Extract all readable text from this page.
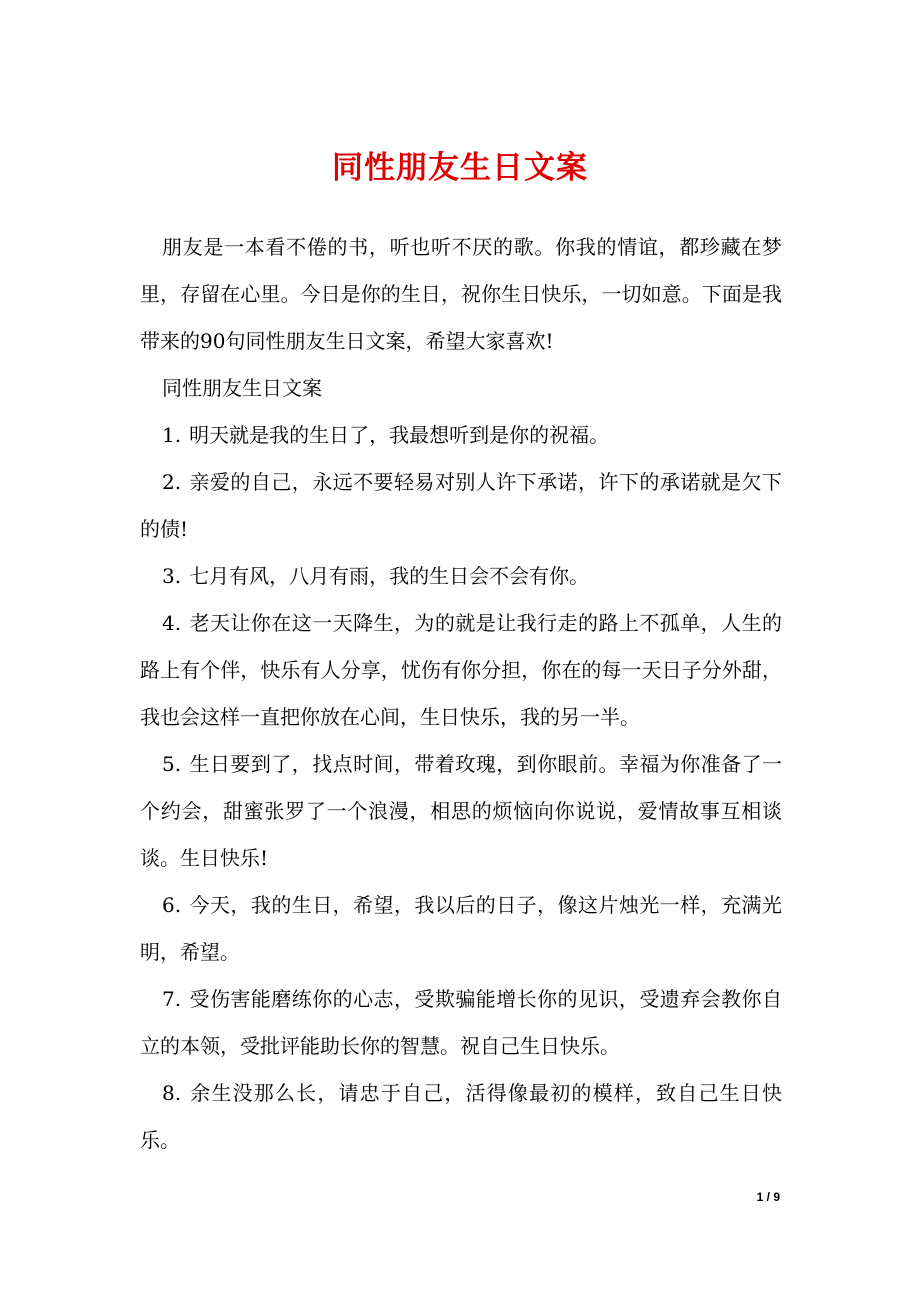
同性朋友生日文案

朋友是一本看不倦的书，听也听不厌的歌。你我的情谊，都珍藏在梦里，存留在心里。今日是你的生日，祝你生日快乐，一切如意。下面是我带来的90句同性朋友生日文案，希望大家喜欢!

同性朋友生日文案

1. 明天就是我的生日了，我最想听到是你的祝福。

2. 亲爱的自己，永远不要轻易对别人许下承诺，许下的承诺就是欠下的债!

3. 七月有风，八月有雨，我的生日会不会有你。

4. 老天让你在这一天降生，为的就是让我行走的路上不孤单，人生的路上有个伴，快乐有人分享，忧伤有你分担，你在的每一天日子分外甜，我也会这样一直把你放在心间，生日快乐，我的另一半。

5. 生日要到了，找点时间，带着玫瑰，到你眼前。幸福为你准备了一个约会，甜蜜张罗了一个浪漫，相思的烦恼向你说说，爱情故事互相谈谈。生日快乐!

6. 今天，我的生日，希望，我以后的日子，像这片烛光一样，充满光明，希望。

7. 受伤害能磨练你的心志，受欺骗能增长你的见识，受遗弃会教你自立的本领，受批评能助长你的智慧。祝自己生日快乐。

8. 余生没那么长，请忠于自己，活得像最初的模样，致自己生日快乐。

1 / 9
